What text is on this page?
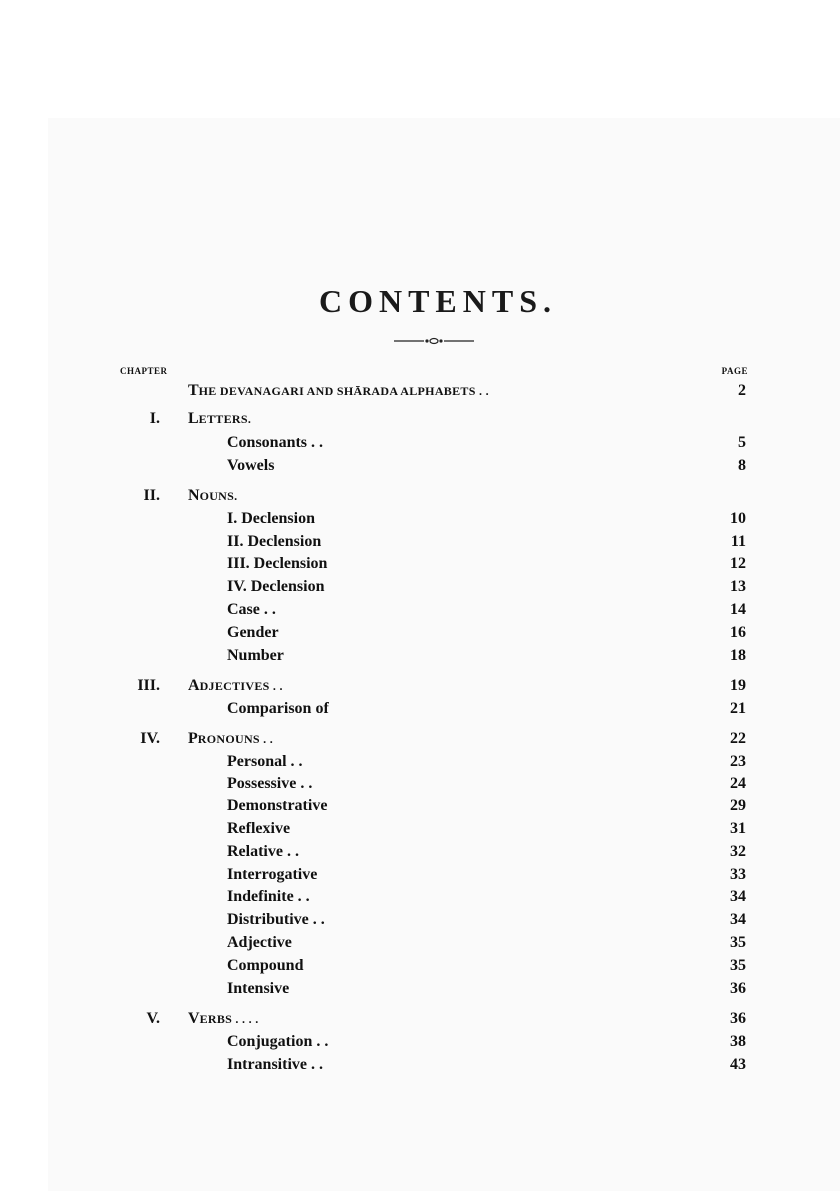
CONTENTS.
CHAPTER	PAGE
THE DEVANAGARI AND SHĀRADA ALPHABETS . .	2
I. LETTERS.
Consonants . .	5
Vowels	8
II. NOUNS.
I. Declension	10
II. Declension	11
III. Declension	12
IV. Declension	13
Case . .	14
Gender	16
Number	18
III. ADJECTIVES . .	19
Comparison of	21
IV. PRONOUNS . .	22
Personal . .	23
Possessive . .	24
Demonstrative	29
Reflexive	31
Relative . .	32
Interrogative	33
Indefinite . .	34
Distributive . .	34
Adjective	35
Compound	35
Intensive	36
V. VERBS . . . .	36
Conjugation . .	38
Intransitive . .	43
